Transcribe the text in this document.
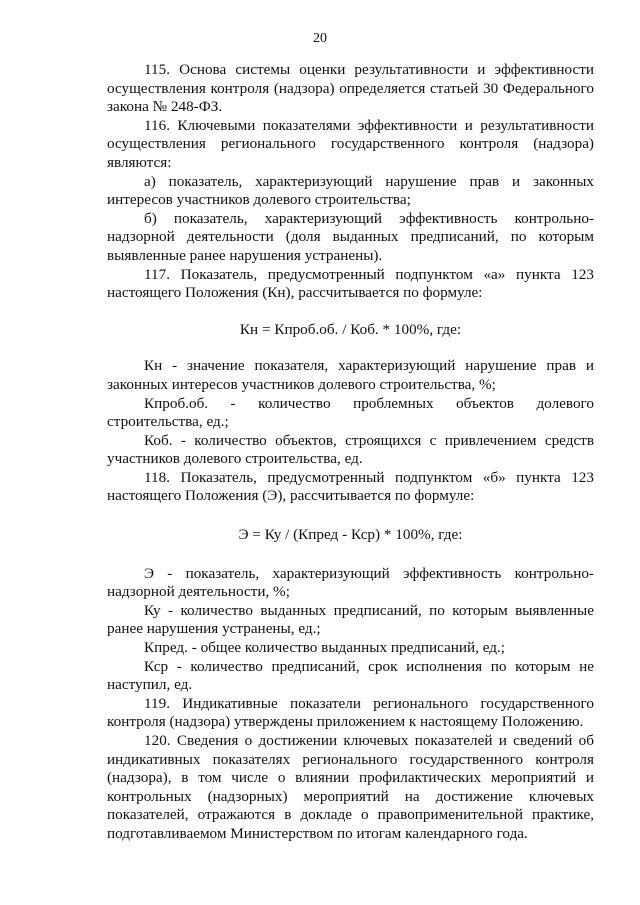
20

115. Основа системы оценки результативности и эффективности осуществления контроля (надзора) определяется статьей 30 Федерального закона № 248-ФЗ.

116. Ключевыми показателями эффективности и результативности осуществления регионального государственного контроля (надзора) являются:

а) показатель, характеризующий нарушение прав и законных интересов участников долевого строительства;

б) показатель, характеризующий эффективность контрольно-надзорной деятельности (доля выданных предписаний, по которым выявленные ранее нарушения устранены).

117. Показатель, предусмотренный подпунктом «а» пункта 123 настоящего Положения (Кн), рассчитывается по формуле:

Кн = Кпроб.об. / Коб. * 100%, где:

Кн - значение показателя, характеризующий нарушение прав и законных интересов участников долевого строительства, %;

Кпроб.об. - количество проблемных объектов долевого строительства, ед.;

Коб. - количество объектов, строящихся с привлечением средств участников долевого строительства, ед.

118. Показатель, предусмотренный подпунктом «б» пункта 123 настоящего Положения (Э), рассчитывается по формуле:

Э = Ку / (Кпред - Кср) * 100%, где:

Э - показатель, характеризующий эффективность контрольно-надзорной деятельности, %;

Ку - количество выданных предписаний, по которым выявленные ранее нарушения устранены, ед.;

Кпред. - общее количество выданных предписаний, ед.;

Кср - количество предписаний, срок исполнения по которым не наступил, ед.

119. Индикативные показатели регионального государственного контроля (надзора) утверждены приложением к настоящему Положению.

120. Сведения о достижении ключевых показателей и сведений об индикативных показателях регионального государственного контроля (надзора), в том числе о влиянии профилактических мероприятий и контрольных (надзорных) мероприятий на достижение ключевых показателей, отражаются в докладе о правоприменительной практике, подготавливаемом Министерством по итогам календарного года.
